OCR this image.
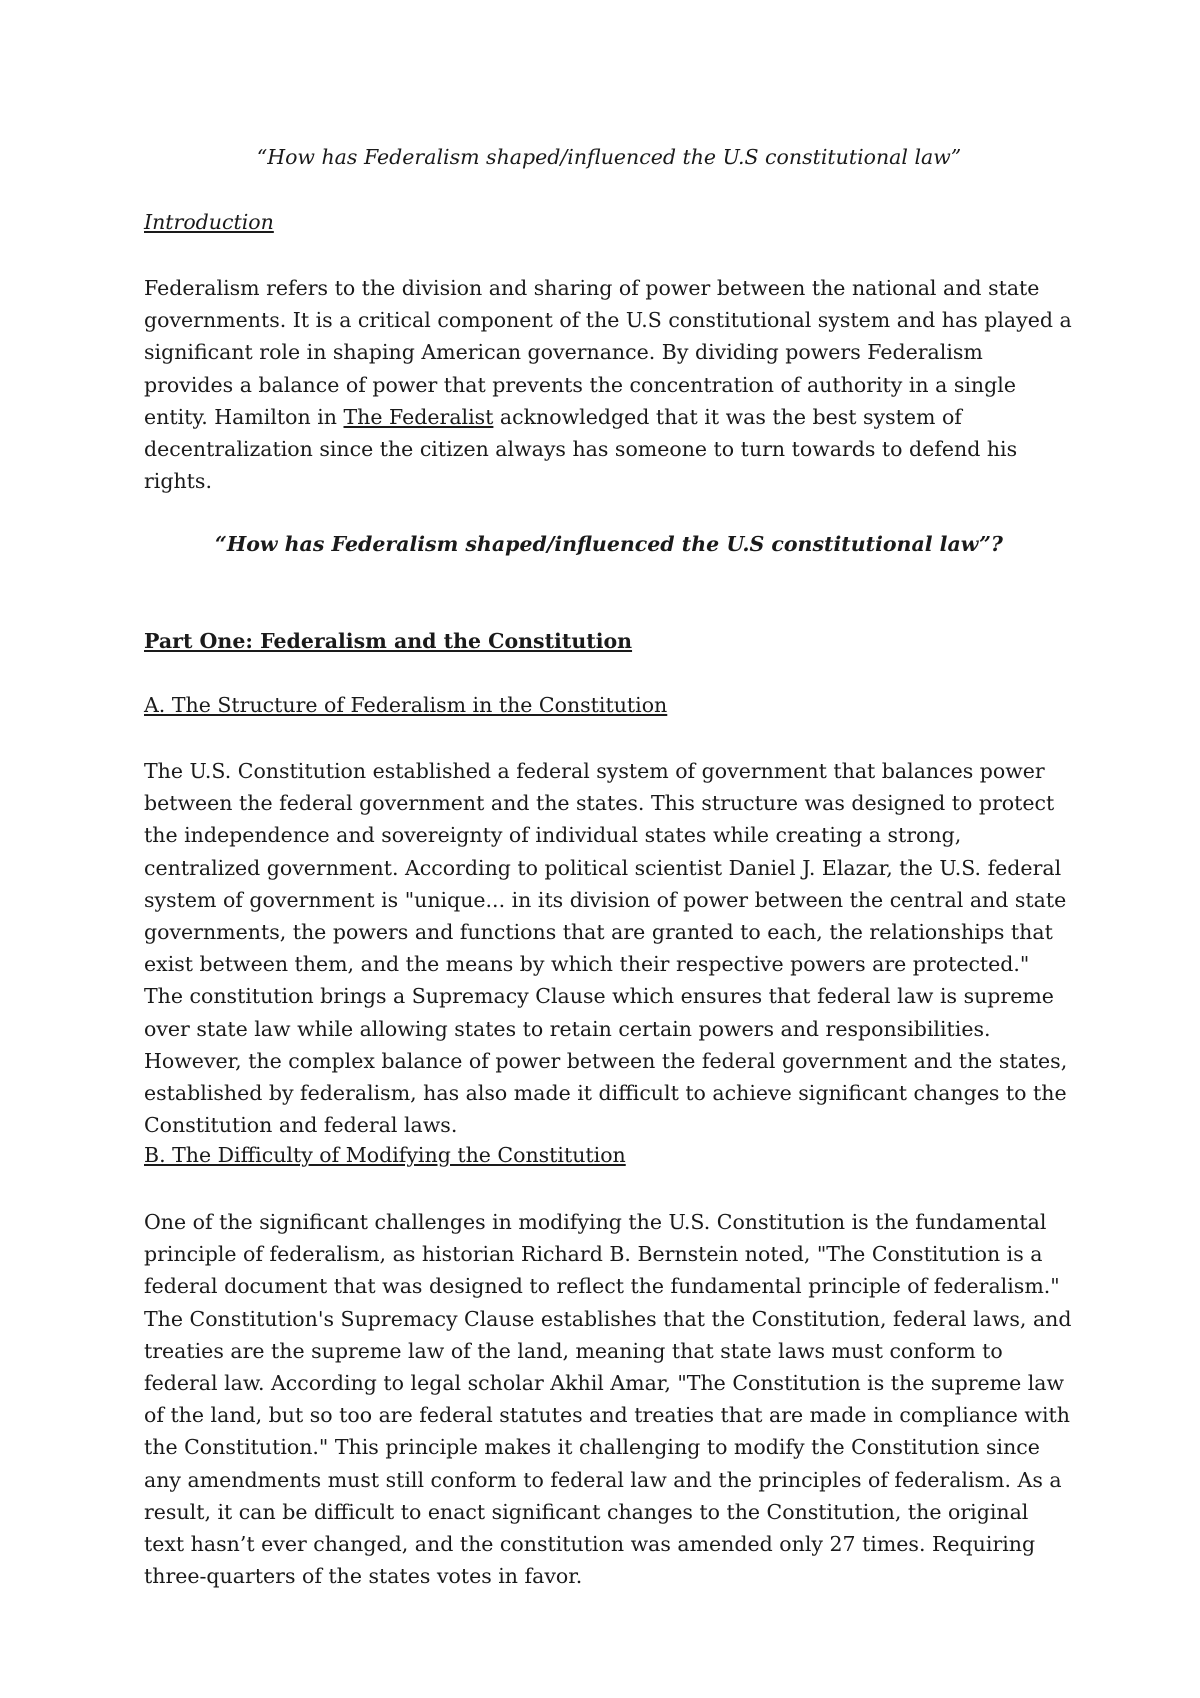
“How has Federalism shaped/influenced the U.S constitutional law”
Introduction

Federalism refers to the division and sharing of power between the national and state governments. It is a critical component of the U.S constitutional system and has played a significant role in shaping American governance. By dividing powers Federalism provides a balance of power that prevents the concentration of authority in a single entity. Hamilton in The Federalist acknowledged that it was the best system of decentralization since the citizen always has someone to turn towards to defend his rights.

“How has Federalism shaped/influenced the U.S constitutional law”?
Part One: Federalism and the Constitution
A. The Structure of Federalism in the Constitution

The U.S. Constitution established a federal system of government that balances power between the federal government and the states. This structure was designed to protect the independence and sovereignty of individual states while creating a strong, centralized government. According to political scientist Daniel J. Elazar, the U.S. federal system of government is "unique... in its division of power between the central and state governments, the powers and functions that are granted to each, the relationships that exist between them, and the means by which their respective powers are protected." The constitution brings a Supremacy Clause which ensures that federal law is supreme over state law while allowing states to retain certain powers and responsibilities. However, the complex balance of power between the federal government and the states, established by federalism, has also made it difficult to achieve significant changes to the Constitution and federal laws.

B. The Difficulty of Modifying the Constitution

One of the significant challenges in modifying the U.S. Constitution is the fundamental principle of federalism, as historian Richard B. Bernstein noted, "The Constitution is a federal document that was designed to reflect the fundamental principle of federalism." The Constitution's Supremacy Clause establishes that the Constitution, federal laws, and treaties are the supreme law of the land, meaning that state laws must conform to federal law. According to legal scholar Akhil Amar, "The Constitution is the supreme law of the land, but so too are federal statutes and treaties that are made in compliance with the Constitution." This principle makes it challenging to modify the Constitution since any amendments must still conform to federal law and the principles of federalism. As a result, it can be difficult to enact significant changes to the Constitution, the original text hasn’t ever changed, and the constitution was amended only 27 times. Requiring three-quarters of the states votes in favor.
